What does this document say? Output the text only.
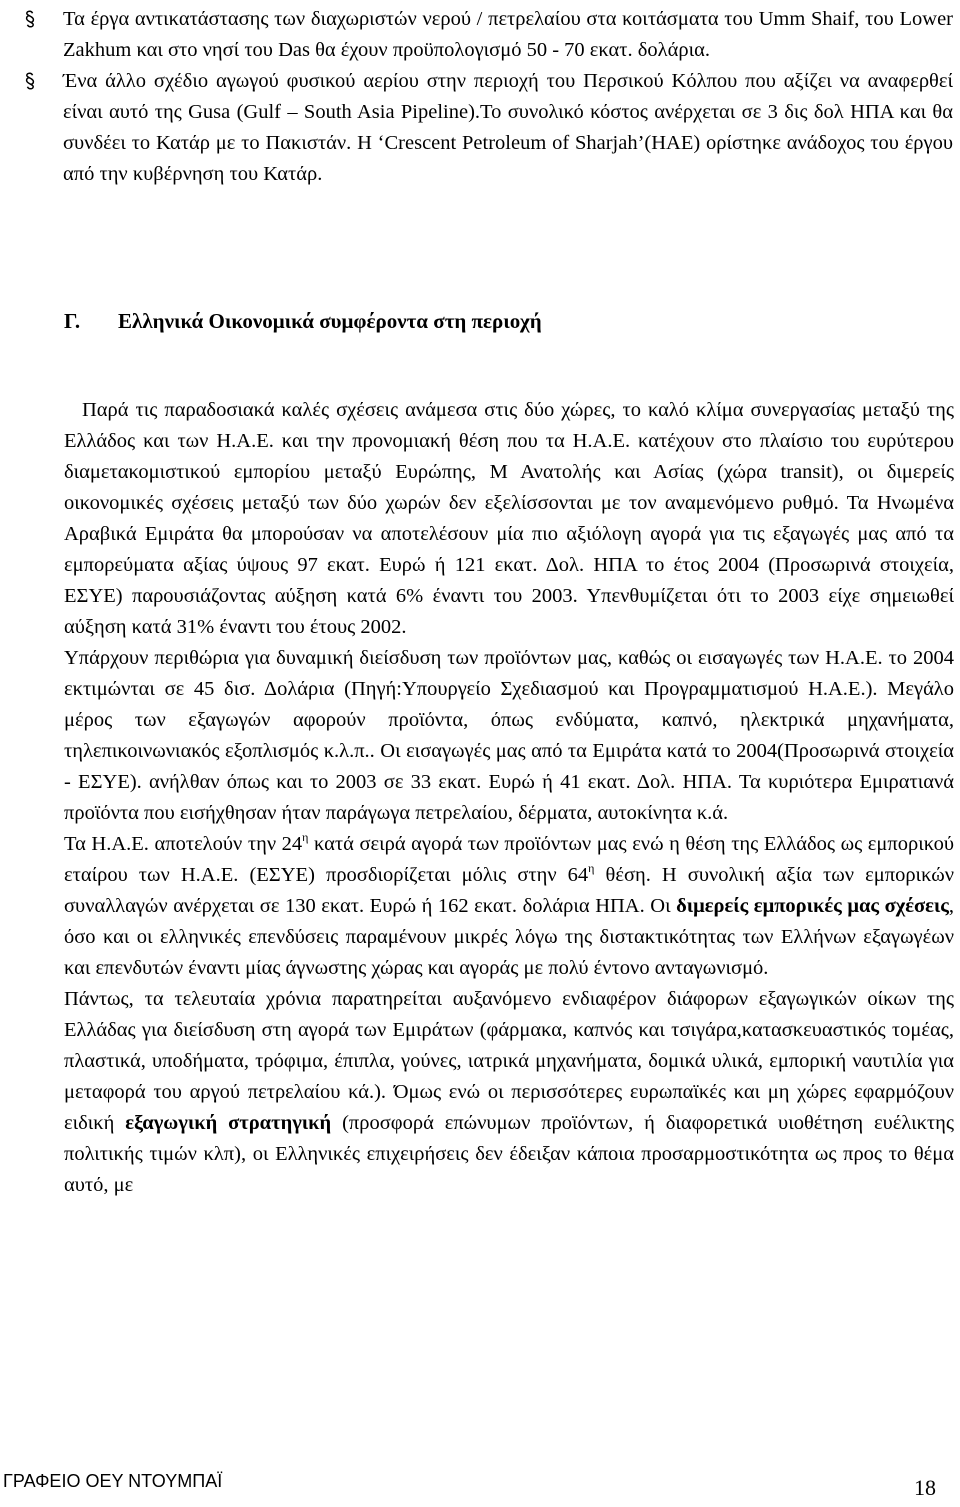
Τα έργα αντικατάστασης των διαχωριστών νερού / πετρελαίου στα κοιτάσματα του Umm Shaif, του Lower Zakhum και στο νησί του Das θα έχουν προϋπολογισμό 50 - 70 εκατ. δολάρια.
Ένα άλλο σχέδιο αγωγού φυσικού αερίου στην περιοχή του Περσικού Κόλπου που αξίζει να αναφερθεί είναι αυτό της Gusa (Gulf – South Asia Pipeline).Το συνολικό κόστος ανέρχεται σε 3 δις δολ ΗΠΑ και θα συνδέει το Κατάρ με το Πακιστάν. Η ‘Crescent Petroleum of Sharjah’(ΗΑΕ) ορίστηκε ανάδοχος του έργου από την κυβέρνηση του Κατάρ.
Γ. Ελληνικά Οικονομικά συμφέροντα στη περιοχή

Παρά τις παραδοσιακά καλές σχέσεις ανάμεσα στις δύο χώρες, το καλό κλίμα συνεργασίας μεταξύ της Ελλάδος και των Η.Α.Ε. και την προνομιακή θέση που τα Η.Α.Ε. κατέχουν στο πλαίσιο του ευρύτερου διαμετακομιστικού εμπορίου μεταξύ Ευρώπης, Μ Ανατολής και Ασίας (χώρα transit), οι διμερείς οικονομικές σχέσεις μεταξύ των δύο χωρών δεν εξελίσσονται με τον αναμενόμενο ρυθμό. Τα Ηνωμένα Αραβικά Εμιράτα θα μπορούσαν να αποτελέσουν μία πιο αξιόλογη αγορά για τις εξαγωγές μας από τα εμπορεύματα αξίας ύψους 97 εκατ. Ευρώ ή 121 εκατ. Δολ. ΗΠΑ το έτος 2004 (Προσωρινά στοιχεία, ΕΣΥΕ) παρουσιάζοντας αύξηση κατά 6% έναντι του 2003. Υπενθυμίζεται ότι το 2003 είχε σημειωθεί αύξηση κατά 31% έναντι του έτους 2002.

Υπάρχουν περιθώρια για δυναμική διείσδυση των προϊόντων μας, καθώς οι εισαγωγές των Η.Α.Ε. το 2004 εκτιμώνται σε 45 δισ. Δολάρια (Πηγή:Υπουργείο Σχεδιασμού και Προγραμματισμού Η.Α.Ε.). Μεγάλο μέρος των εξαγωγών αφορούν προϊόντα, όπως ενδύματα, καπνό, ηλεκτρικά μηχανήματα, τηλεπικοινωνιακός εξοπλισμός κ.λ.π.. Οι εισαγωγές μας από τα Εμιράτα κατά το 2004(Προσωρινά στοιχεία - ΕΣΥΕ). ανήλθαν όπως και το 2003 σε 33 εκατ. Ευρώ ή 41 εκατ. Δολ. ΗΠΑ. Τα κυριότερα Εμιρατιανά προϊόντα που εισήχθησαν ήταν παράγωγα πετρελαίου, δέρματα, αυτοκίνητα κ.ά.

Τα Η.Α.Ε. αποτελούν την $24^\eta$ κατά σειρά αγορά των προϊόντων μας ενώ η θέση της Ελλάδος ως εμπορικού εταίρου των Η.Α.Ε. (ΕΣΥΕ) προσδιορίζεται μόλις στην $64^\eta$ θέση. Η συνολική αξία των εμπορικών συναλλαγών ανέρχεται σε 130 εκατ. Ευρώ ή 162 εκατ. δολάρια ΗΠΑ. Οι διμερείς εμπορικές μας σχέσεις, όσο και οι ελληνικές επενδύσεις παραμένουν μικρές λόγω της διστακτικότητας των Ελλήνων εξαγωγέων και επενδυτών έναντι μίας άγνωστης χώρας και αγοράς με πολύ έντονο ανταγωνισμό.

Πάντως, τα τελευταία χρόνια παρατηρείται αυξανόμενο ενδιαφέρον διάφορων εξαγωγικών οίκων της Ελλάδας για διείσδυση στη αγορά των Εμιράτων (φάρμακα, καπνός και τσιγάρα,κατασκευαστικός τομέας, πλαστικά, υποδήματα, τρόφιμα, έπιπλα, γούνες, ιατρικά μηχανήματα, δομικά υλικά, εμπορική ναυτιλία για μεταφορά του αργού πετρελαίου κά.). Όμως ενώ οι περισσότερες ευρωπαϊκές και μη χώρες εφαρμόζουν ειδική εξαγωγική στρατηγική (προσφορά επώνυμων προϊόντων, ή διαφορετικά υιοθέτηση ευέλικτης πολιτικής τιμών κλπ), οι Ελληνικές επιχειρήσεις δεν έδειξαν κάποια προσαρμοστικότητα ως προς το θέμα αυτό, με

ΓΡΑΦΕΙΟ ΟΕΥ ΝΤΟΥΜΠΑΪ	18
